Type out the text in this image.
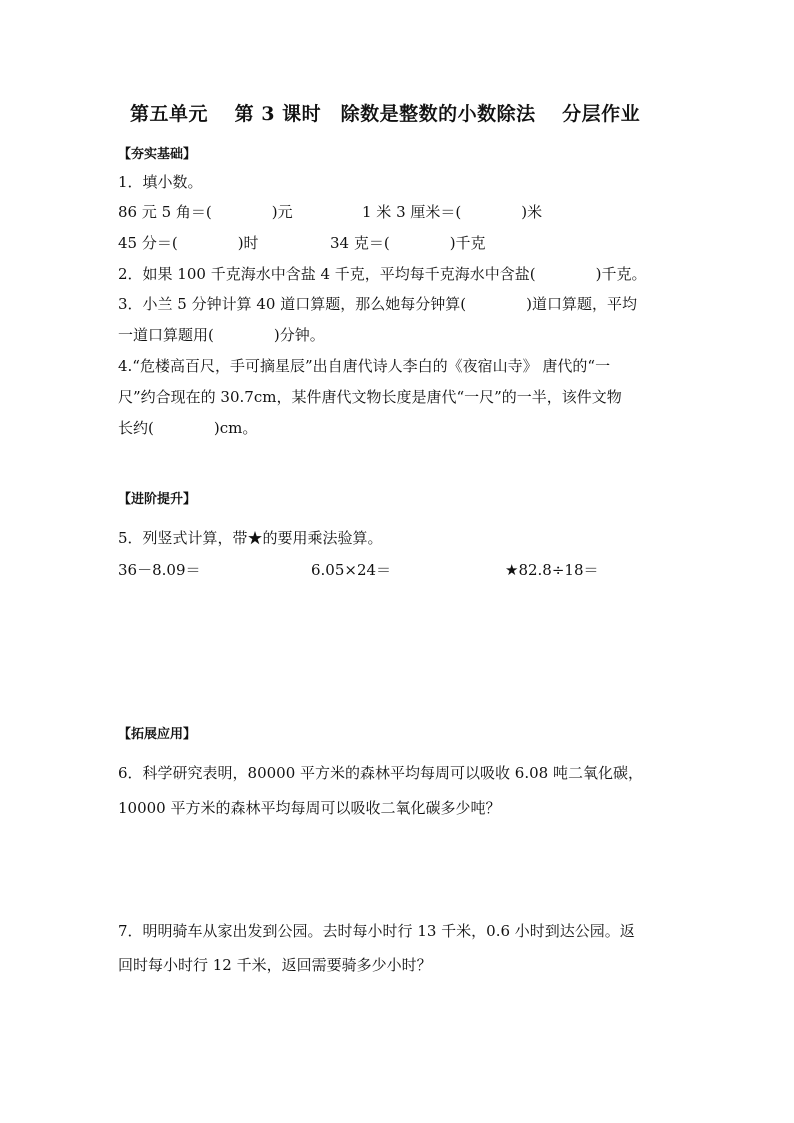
第五单元　 第 3 课时　除数是整数的小数除法　 分层作业
【夯实基础】
1．填小数。
86 元 5 角＝(　　　　)元	1 米 3 厘米＝(　　　　)米
45 分＝(　　　　)时	34 克＝(　　　　)千克
2．如果 100 千克海水中含盐 4 千克，平均每千克海水中含盐(　　　　)千克。
3．小兰 5 分钟计算 40 道口算题，那么她每分钟算(　　　　)道口算题，平均
一道口算题用(　　　　)分钟。
4.“危楼高百尺，手可摘星辰”出自唐代诗人李白的《夜宿山寺》 唐代的“一
尺”约合现在的 30.7cm，某件唐代文物长度是唐代“一尺”的一半，该件文物
长约(　　　　)cm。
【进阶提升】
5．列竖式计算，带★的要用乘法验算。
36－8.09＝	6.05×24＝	★82.8÷18＝
【拓展应用】
6．科学研究表明，80000 平方米的森林平均每周可以吸收 6.08 吨二氧化碳，
10000 平方米的森林平均每周可以吸收二氧化碳多少吨？
7．明明骑车从家出发到公园。去时每小时行 13 千米，0.6 小时到达公园。返
回时每小时行 12 千米，返回需要骑多少小时？
